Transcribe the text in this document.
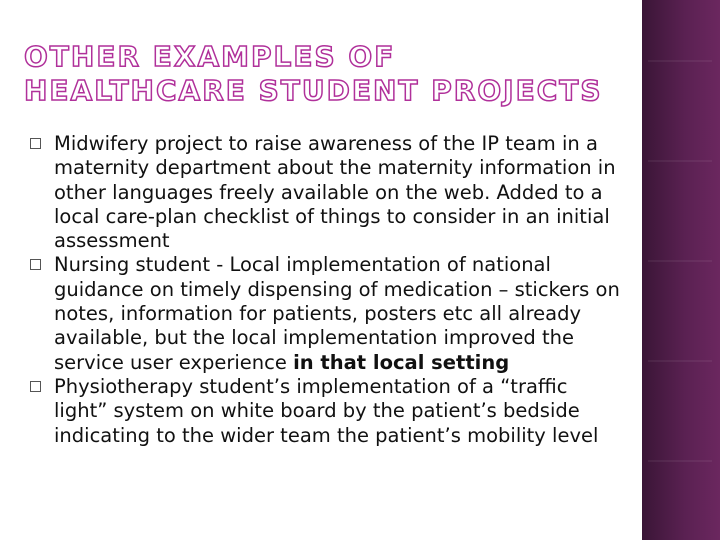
OTHER EXAMPLES OF HEALTHCARE STUDENT PROJECTS
Midwifery project to raise awareness of the IP team in a maternity department about the maternity information in other languages freely available on the web. Added to a local care-plan checklist of things to consider in an initial assessment
Nursing student - Local implementation of national guidance on timely dispensing of medication – stickers on notes, information for patients, posters etc all already available, but the local implementation improved the service user experience in that local setting
Physiotherapy student’s implementation of a “traffic light” system on white board by the patient’s bedside indicating to the wider team the patient’s mobility level
